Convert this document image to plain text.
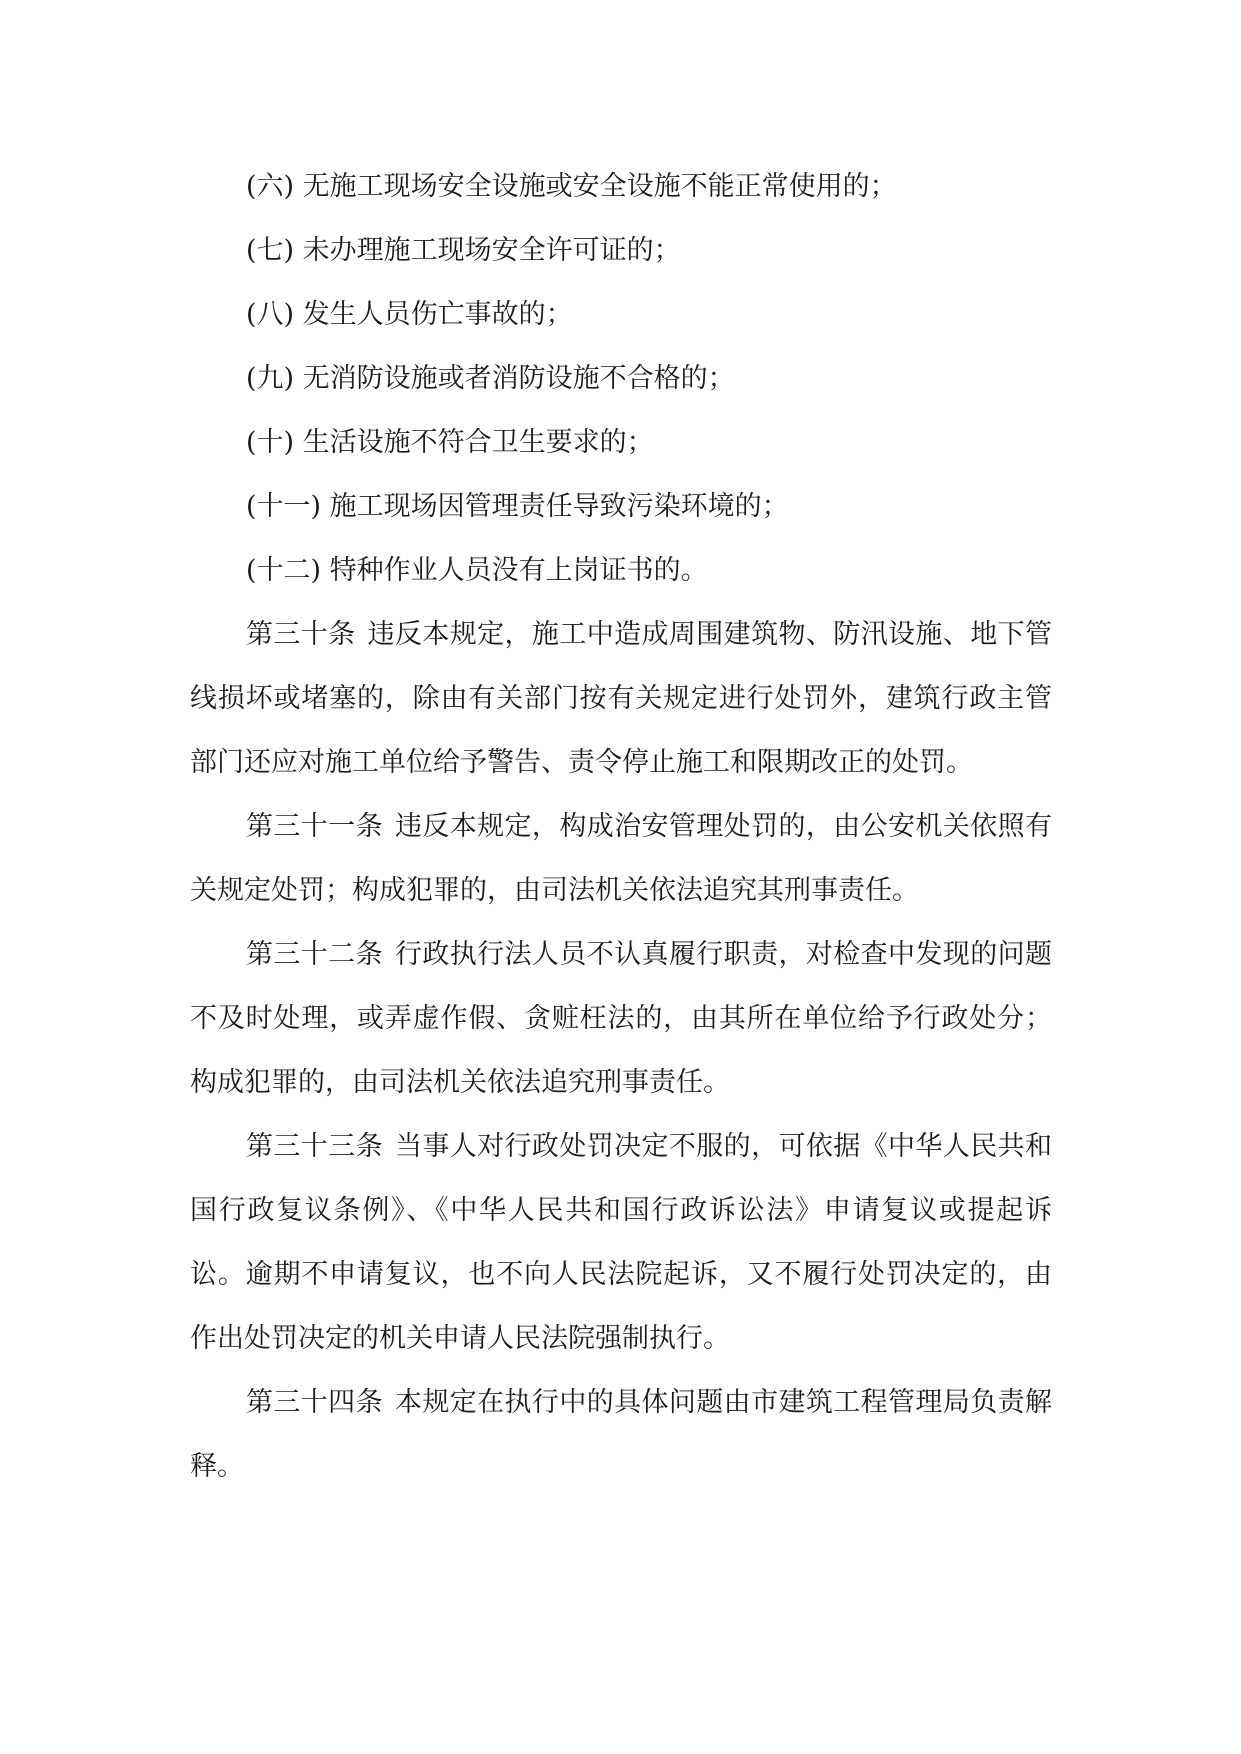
(六) 无施工现场安全设施或安全设施不能正常使用的；

(七) 未办理施工现场安全许可证的；

(八) 发生人员伤亡事故的；

(九) 无消防设施或者消防设施不合格的；

(十) 生活设施不符合卫生要求的；

(十一) 施工现场因管理责任导致污染环境的；

(十二) 特种作业人员没有上岗证书的。

第三十条 违反本规定，施工中造成周围建筑物、防汛设施、地下管线损坏或堵塞的，除由有关部门按有关规定进行处罚外，建筑行政主管部门还应对施工单位给予警告、责令停止施工和限期改正的处罚。

第三十一条 违反本规定，构成治安管理处罚的，由公安机关依照有关规定处罚；构成犯罪的，由司法机关依法追究其刑事责任。

第三十二条 行政执行法人员不认真履行职责，对检查中发现的问题不及时处理，或弄虚作假、贪赃枉法的，由其所在单位给予行政处分；构成犯罪的，由司法机关依法追究刑事责任。

第三十三条 当事人对行政处罚决定不服的，可依据《中华人民共和国行政复议条例》、《中华人民共和国行政诉讼法》申请复议或提起诉讼。逾期不申请复议，也不向人民法院起诉，又不履行处罚决定的，由作出处罚决定的机关申请人民法院强制执行。

第三十四条 本规定在执行中的具体问题由市建筑工程管理局负责解释。
